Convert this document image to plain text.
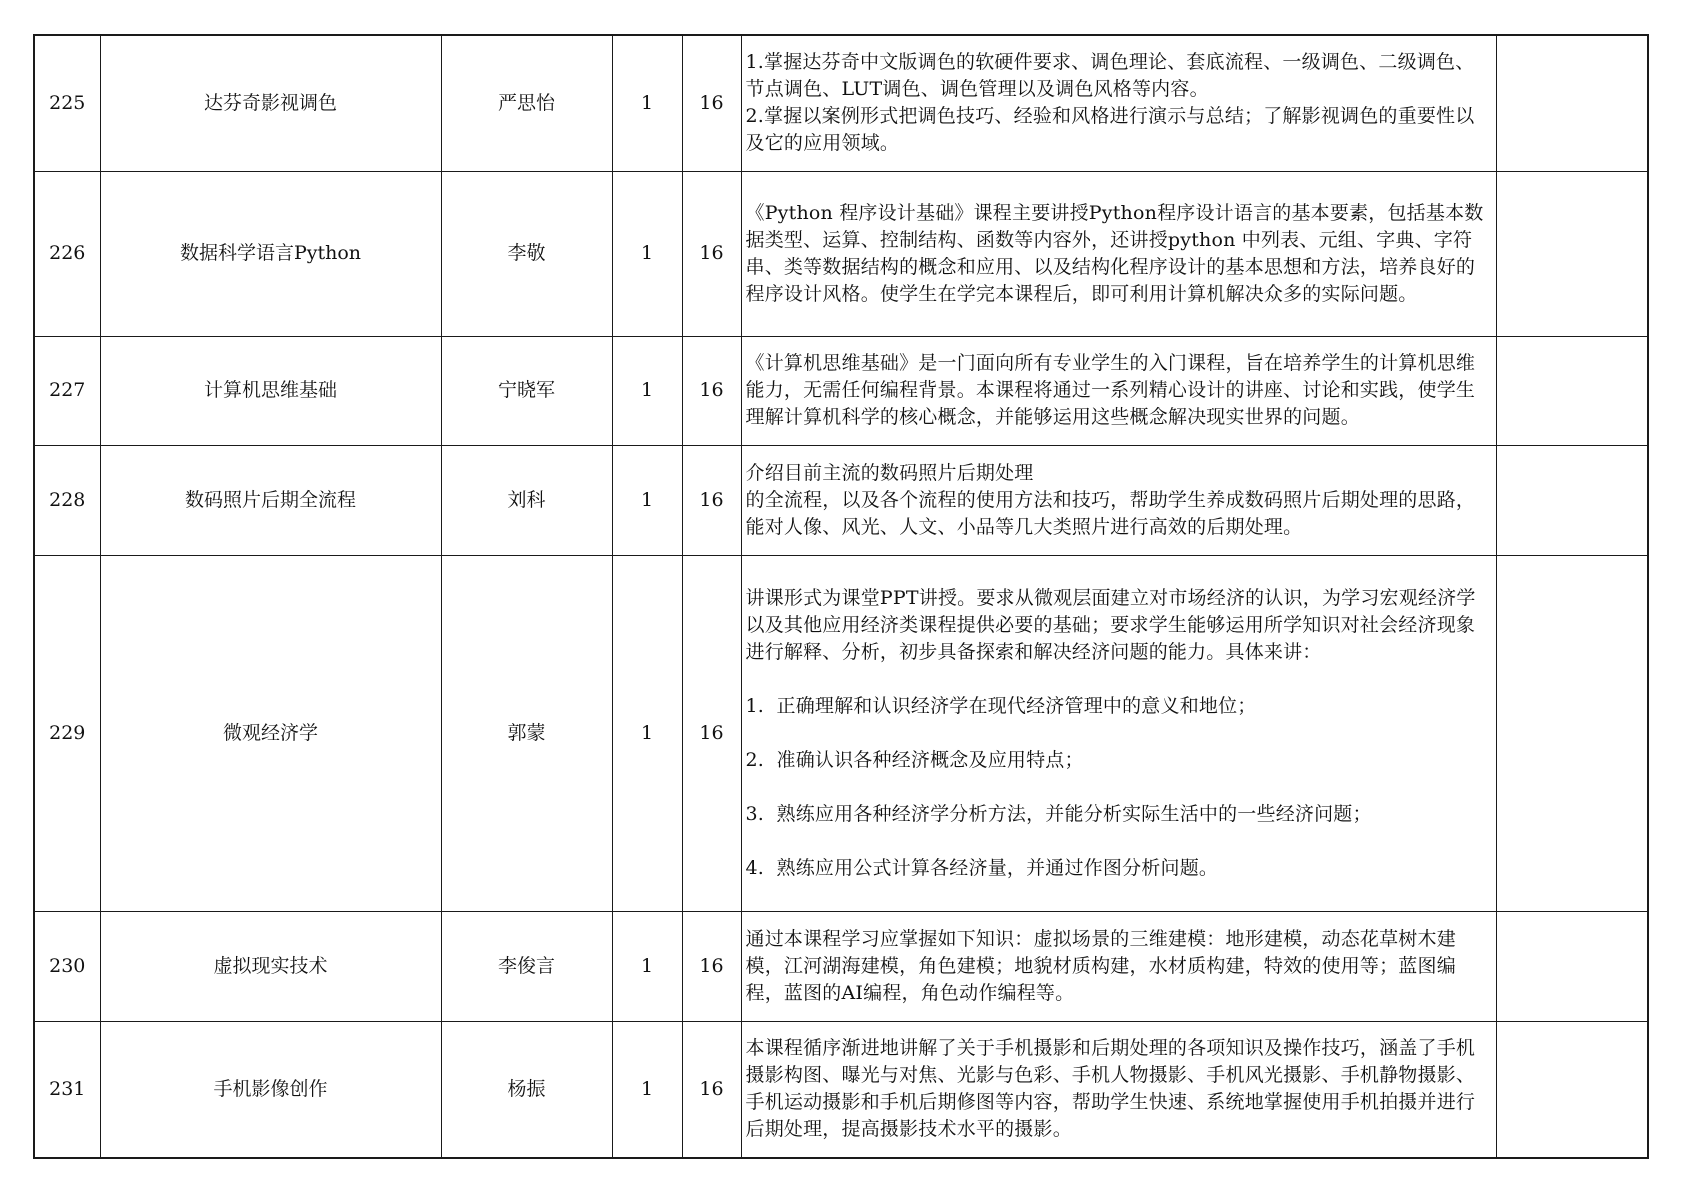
225	达芬奇影视调色	严思怡	1	16	1.掌握达芬奇中文版调色的软硬件要求、调色理论、套底流程、一级调色、二级调色、节点调色、LUT调色、调色管理以及调色风格等内容。
2.掌握以案例形式把调色技巧、经验和风格进行演示与总结；了解影视调色的重要性以及它的应用领域。	

226	数据科学语言Python	李敬	1	16	《Python 程序设计基础》课程主要讲授Python程序设计语言的基本要素，包括基本数据类型、运算、控制结构、函数等内容外，还讲授python 中列表、元组、字典、字符串、类等数据结构的概念和应用、以及结构化程序设计的基本思想和方法，培养良好的程序设计风格。使学生在学完本课程后，即可利用计算机解决众多的实际问题。	

227	计算机思维基础	宁晓军	1	16	《计算机思维基础》是一门面向所有专业学生的入门课程，旨在培养学生的计算机思维能力，无需任何编程背景。本课程将通过一系列精心设计的讲座、讨论和实践，使学生理解计算机科学的核心概念，并能够运用这些概念解决现实世界的问题。	

228	数码照片后期全流程	刘科	1	16	介绍目前主流的数码照片后期处理
的全流程，以及各个流程的使用方法和技巧，帮助学生养成数码照片后期处理的思路，能对人像、风光、人文、小品等几大类照片进行高效的后期处理。	

229	微观经济学	郭蒙	1	16	讲课形式为课堂PPT讲授。要求从微观层面建立对市场经济的认识，为学习宏观经济学以及其他应用经济类课程提供必要的基础；要求学生能够运用所学知识对社会经济现象进行解释、分析，初步具备探索和解决经济问题的能力。具体来讲：

1.  正确理解和认识经济学在现代经济管理中的意义和地位；

2.  准确认识各种经济概念及应用特点；

3.  熟练应用各种经济学分析方法，并能分析实际生活中的一些经济问题；

4.  熟练应用公式计算各经济量，并通过作图分析问题。	

230	虚拟现实技术	李俊言	1	16	通过本课程学习应掌握如下知识：虚拟场景的三维建模：地形建模，动态花草树木建模，江河湖海建模，角色建模；地貌材质构建，水材质构建，特效的使用等；蓝图编程，蓝图的AI编程，角色动作编程等。	

231	手机影像创作	杨振	1	16	本课程循序渐进地讲解了关于手机摄影和后期处理的各项知识及操作技巧，涵盖了手机摄影构图、曝光与对焦、光影与色彩、手机人物摄影、手机风光摄影、手机静物摄影、手机运动摄影和手机后期修图等内容，帮助学生快速、系统地掌握使用手机拍摄并进行后期处理，提高摄影技术水平的摄影。	
